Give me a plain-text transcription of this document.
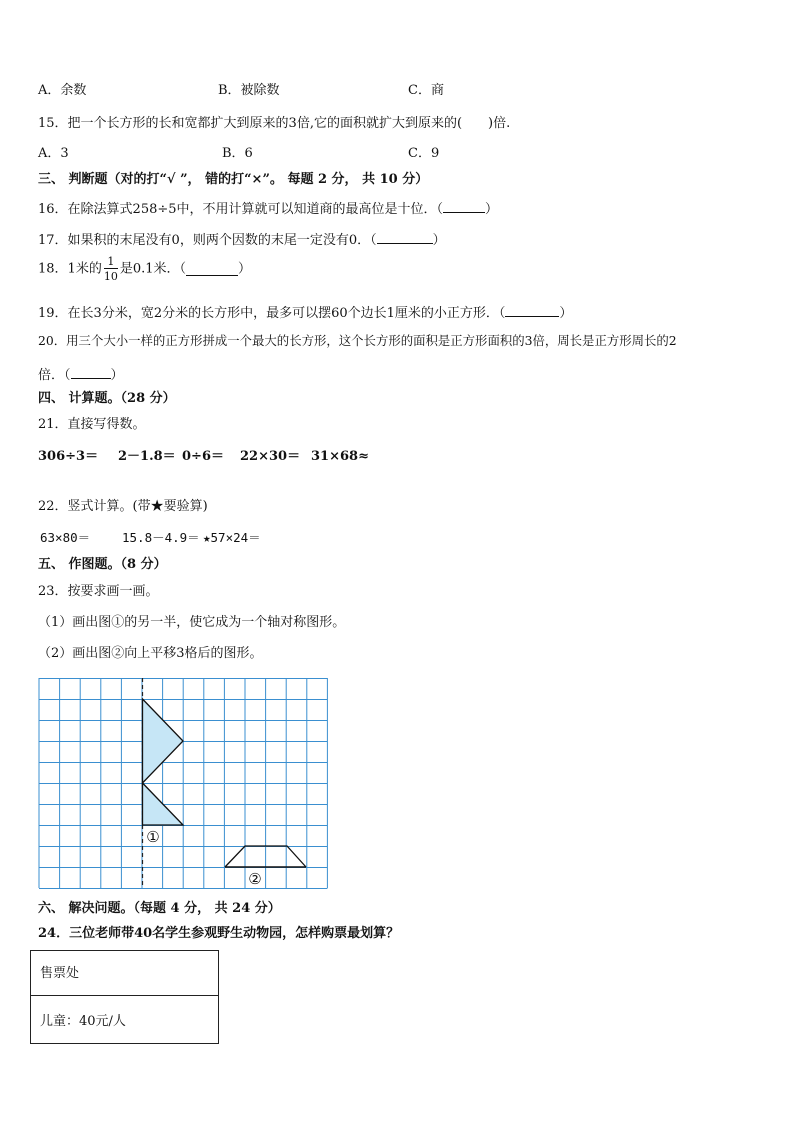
A．余数	B．被除数	C．商
15．把一个长方形的长和宽都扩大到原来的3倍,它的面积就扩大到原来的(　　)倍.
A．3	B．6	C．9
三、 判断题（对的打“√ ”， 错的打“×”。 每题 2 分， 共 10 分）
16．在除法算式258÷5中，不用计算就可以知道商的最高位是十位．（	）
17．如果积的末尾没有0，则两个因数的末尾一定没有0．（	）
18．1米的 $\frac{1}{10}$ 是0.1米．（	）
19．在长3分米，宽2分米的长方形中，最多可以摆60个边长1厘米的小正方形．（	）
20．用三个大小一样的正方形拼成一个最大的长方形，这个长方形的面积是正方形面积的3倍，周长是正方形周长的2
倍．（	）
四、 计算题。（28 分）
21．直接写得数。
306÷3＝ 2－1.8＝ 0÷6＝ 22×30＝ 31×68≈
22．竖式计算。(带★要验算)
63×80＝	15.8－4.9＝ ★57×24＝
五、 作图题。（8 分）
23．按要求画一画。
（1）画出图①的另一半，使它成为一个轴对称图形。
（2）画出图②向上平移3格后的图形。
①
②
六、 解决问题。（每题 4 分， 共 24 分）
24．三位老师带40名学生参观野生动物园，怎样购票最划算？
售票处
儿童：40元/人
